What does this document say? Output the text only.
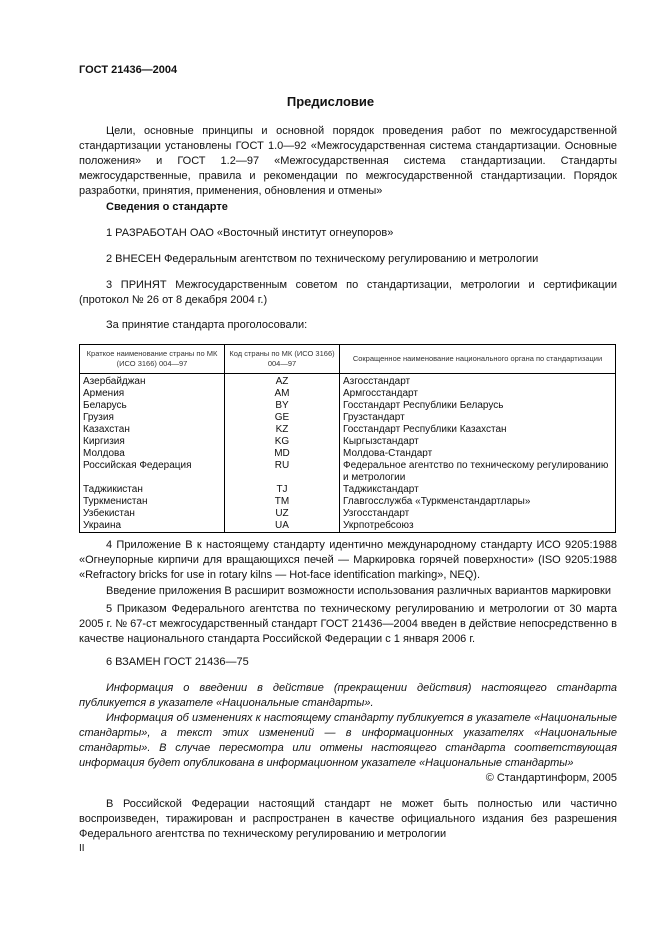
ГОСТ 21436—2004
Предисловие
Цели, основные принципы и основной порядок проведения работ по межгосударственной стандартизации установлены ГОСТ 1.0—92 «Межгосударственная система стандартизации. Основные положения» и ГОСТ 1.2—97 «Межгосударственная система стандартизации. Стандарты межгосударственные, правила и рекомендации по межгосударственной стандартизации. Порядок разработки, принятия, применения, обновления и отмены»
Сведения о стандарте
1 РАЗРАБОТАН ОАО «Восточный институт огнеупоров»
2 ВНЕСЕН Федеральным агентством по техническому регулированию и метрологии
3 ПРИНЯТ Межгосударственным советом по стандартизации, метрологии и сертификации (протокол № 26 от 8 декабря 2004 г.)
За принятие стандарта проголосовали:
Краткое наименование страны по МК (ИСО 3166) 004—97	Код страны по МК (ИСО 3166) 004—97	Сокращенное наименование национального органа по стандартизации
Азербайджан	AZ	Азгосстандарт
Армения	AM	Армгосстандарт
Беларусь	BY	Госстандарт Республики Беларусь
Грузия	GE	Грузстандарт
Казахстан	KZ	Госстандарт Республики Казахстан
Киргизия	KG	Кыргызстандарт
Молдова	MD	Молдова-Стандарт
Российская Федерация	RU	Федеральное агентство по техническому регулированию и метрологии
Таджикистан	TJ	Таджикстандарт
Туркменистан	TM	Главгосслужба «Туркменстандартлары»
Узбекистан	UZ	Узгосстандарт
Украина	UA	Укрпотребсоюз
4 Приложение В к настоящему стандарту идентично международному стандарту ИСО 9205:1988 «Огнеупорные кирпичи для вращающихся печей — Маркировка горячей поверхности» (ISO 9205:1988 «Refractory bricks for use in rotary kilns — Hot-face identification marking», NEQ).
Введение приложения В расширит возможности использования различных вариантов маркировки
5 Приказом Федерального агентства по техническому регулированию и метрологии от 30 марта 2005 г. № 67-ст межгосударственный стандарт ГОСТ 21436—2004 введен в действие непосредственно в качестве национального стандарта Российской Федерации с 1 января 2006 г.
6 ВЗАМЕН ГОСТ 21436—75
Информация о введении в действие (прекращении действия) настоящего стандарта публикуется в указателе «Национальные стандарты».
Информация об изменениях к настоящему стандарту публикуется в указателе «Национальные стандарты», а текст этих изменений — в информационных указателях «Национальные стандарты». В случае пересмотра или отмены настоящего стандарта соответствующая информация будет опубликована в информационном указателе «Национальные стандарты»
© Стандартинформ, 2005
В Российской Федерации настоящий стандарт не может быть полностью или частично воспроизведен, тиражирован и распространен в качестве официального издания без разрешения Федерального агентства по техническому регулированию и метрологии
II
